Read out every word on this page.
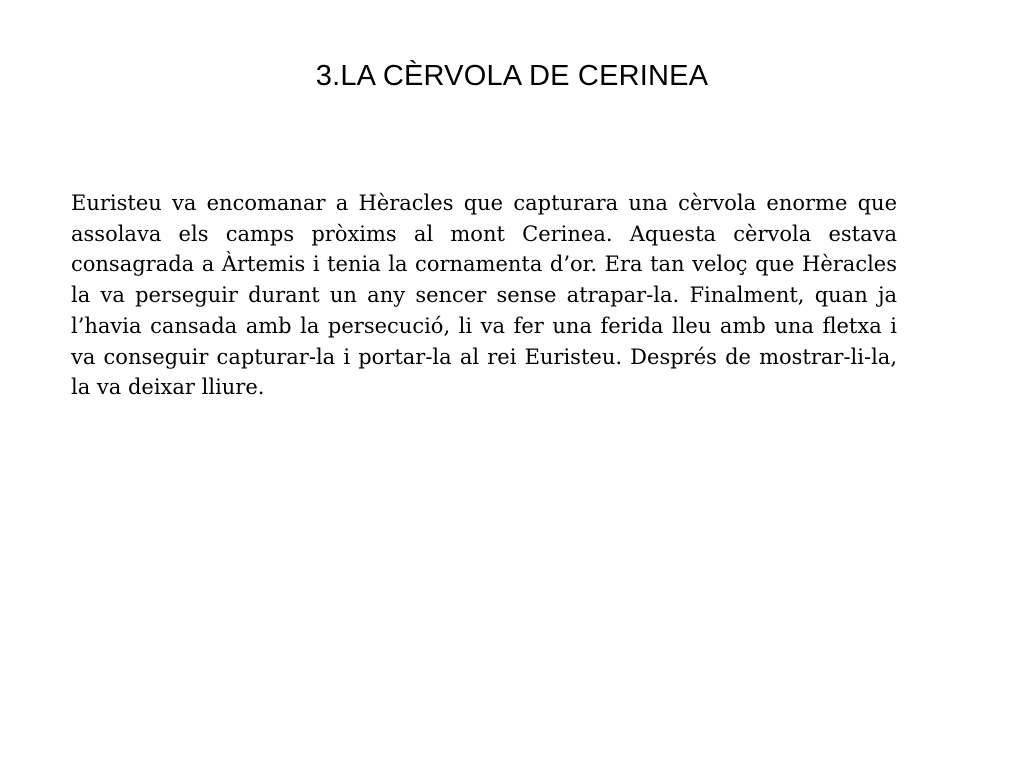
3.LA CÈRVOLA DE CERINEA

Euristeu va encomanar a Hèracles que capturara una cèrvola enorme que assolava els camps pròxims al mont Cerinea. Aquesta cèrvola estava consagrada a Àrtemis i tenia la cornamenta d’or. Era tan veloç que Hèracles la va perseguir durant un any sencer sense atrapar-la. Finalment, quan ja l’havia cansada amb la persecució, li va fer una ferida lleu amb una fletxa i va conseguir capturar-la i portar-la al rei Euristeu. Després de mostrar-li-la, la va deixar lliure.
